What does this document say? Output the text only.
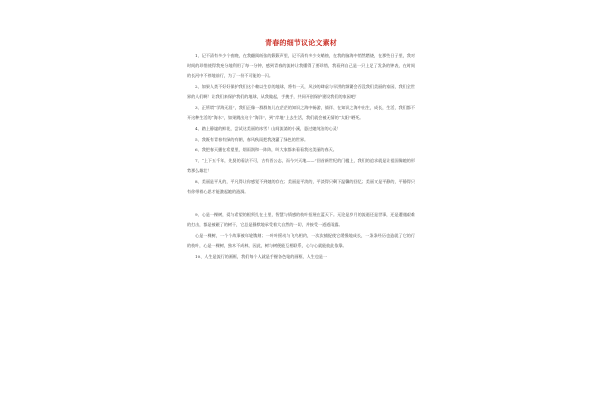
青春的细节议论文素材

1、记不清有多少个夜晚，在我翻阅纸张的簌簌声里，记不清有多少支蜡烛，在我的脑海中悄然燃烧，在那些日子里，我对时间的珍惜使得我充分地利用了每一分钟，感到青春的流转让我懂得了要珍惜，我看到自己是一只上足了发条的钟表，在时间的长河中不停地前行，为了一份不可能的一闪。

2、如果人类不好好保护我们这个赖以生存的地球，将有一天，风沙的肆虐与旱涝的频繁会吞没我们美丽的家园，我们全世界的人们啊！让我们来保护我们的地球，从我做起，手挽手，共同开创保护建设我们的家园吧！

3、正所谓“学海无涯”，我们正像一群群鱼儿在茫茫的知识之海中畅游，徜徉、在知识之海中出生，成长，生活，我们都不开这种生活的“海水”，如果跳出这个“海洋”，到“岸地”上去生活，我们就会被无情的“太阳”晒死。

4、踏上静谧的鲜花，尝试这美丽的冰雪！山间流淌的小溪，悬过她纯洁的心灵！

5、我既有青春有绿的有朝，春风秋雨把我浇灌了绿色的世界。

6、我把春天播在希望里，烟雨润和一阵阵，叫大家都来看看我这美丽的春天。

7、“上下五千年，先贤的看法不可，古有晋公志，而今兴天地——”回首新世纪的门槛上，我们的追求就是让祖国像她的形势那么雄壮！

8、美丽是平凡的，平凡得让你感觉不到她的存在；美丽是平淡的，平淡得只剩下温馨的回忆；美丽又是平静的，平静得只有你带着心思才能激起她的涟漪。

9、心是一棵树，爱与希望的根须扎在土里，智慧与情感的枝叶招展在蓝天下。无论是岁月的流逝还是世事，还是遭遇艰难的打击，都是被砸了的树干，它总是静默地承受着大自然的一切，并接受一道道雨露。

心是一棵树，一个个故事被年轮镌刻；一叶叶摇动与飞鸟相约，一次次捕捉使它缓慢地成长，一条条经历也造就了它的行的枝叶，心是一棵树，独木不成林，因此，树与树便能互相联系，心与心就能彼此依靠。

10、人生是流行的画框，我们每个人就是手握各色笔的画框，人生也是一
